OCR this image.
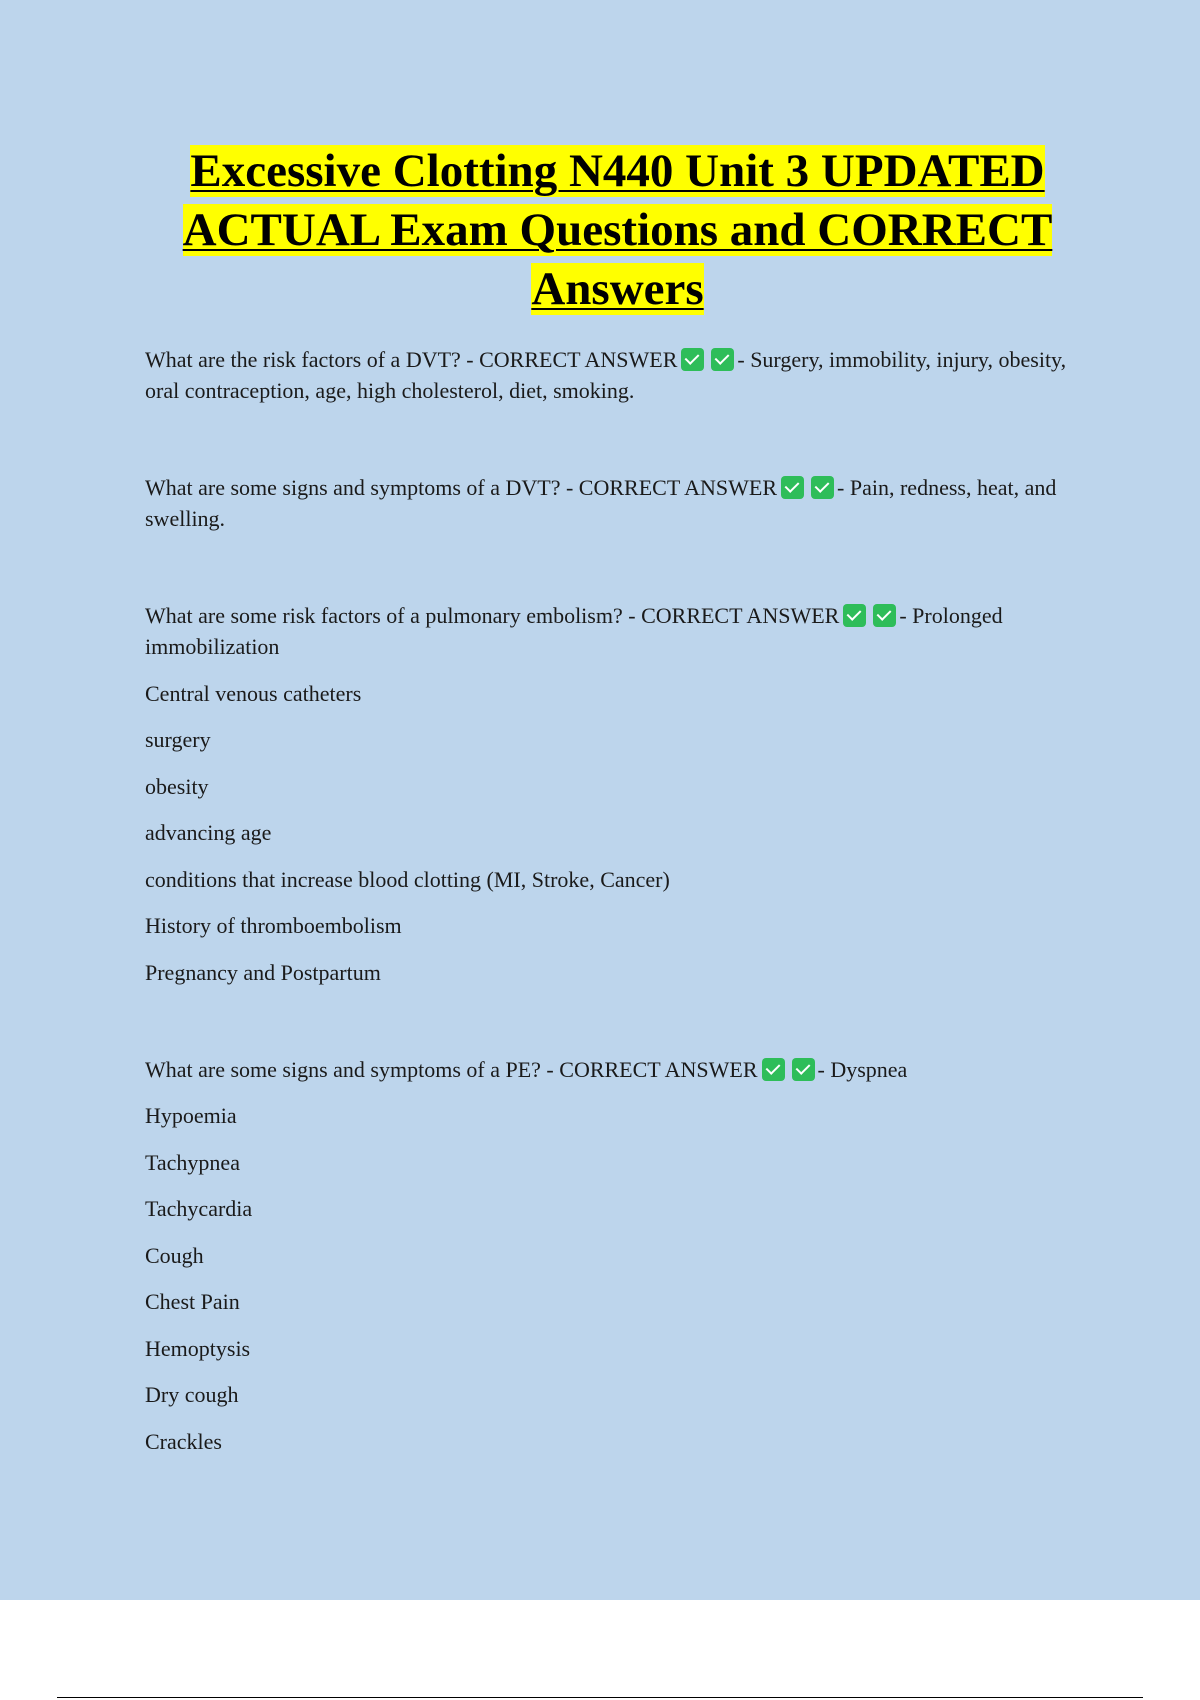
Excessive Clotting N440 Unit 3 UPDATED ACTUAL Exam Questions and CORRECT Answers

What are the risk factors of a DVT? - CORRECT ANSWER	- Surgery, immobility, injury, obesity, oral contraception, age, high cholesterol, diet, smoking.

What are some signs and symptoms of a DVT? - CORRECT ANSWER	- Pain, redness, heat, and swelling.

What are some risk factors of a pulmonary embolism? - CORRECT ANSWER	- Prolonged immobilization

Central venous catheters

surgery

obesity

advancing age

conditions that increase blood clotting (MI, Stroke, Cancer)

History of thromboembolism

Pregnancy and Postpartum

What are some signs and symptoms of a PE? - CORRECT ANSWER	- Dyspnea

Hypoemia

Tachypnea

Tachycardia

Cough

Chest Pain

Hemoptysis

Dry cough

Crackles
